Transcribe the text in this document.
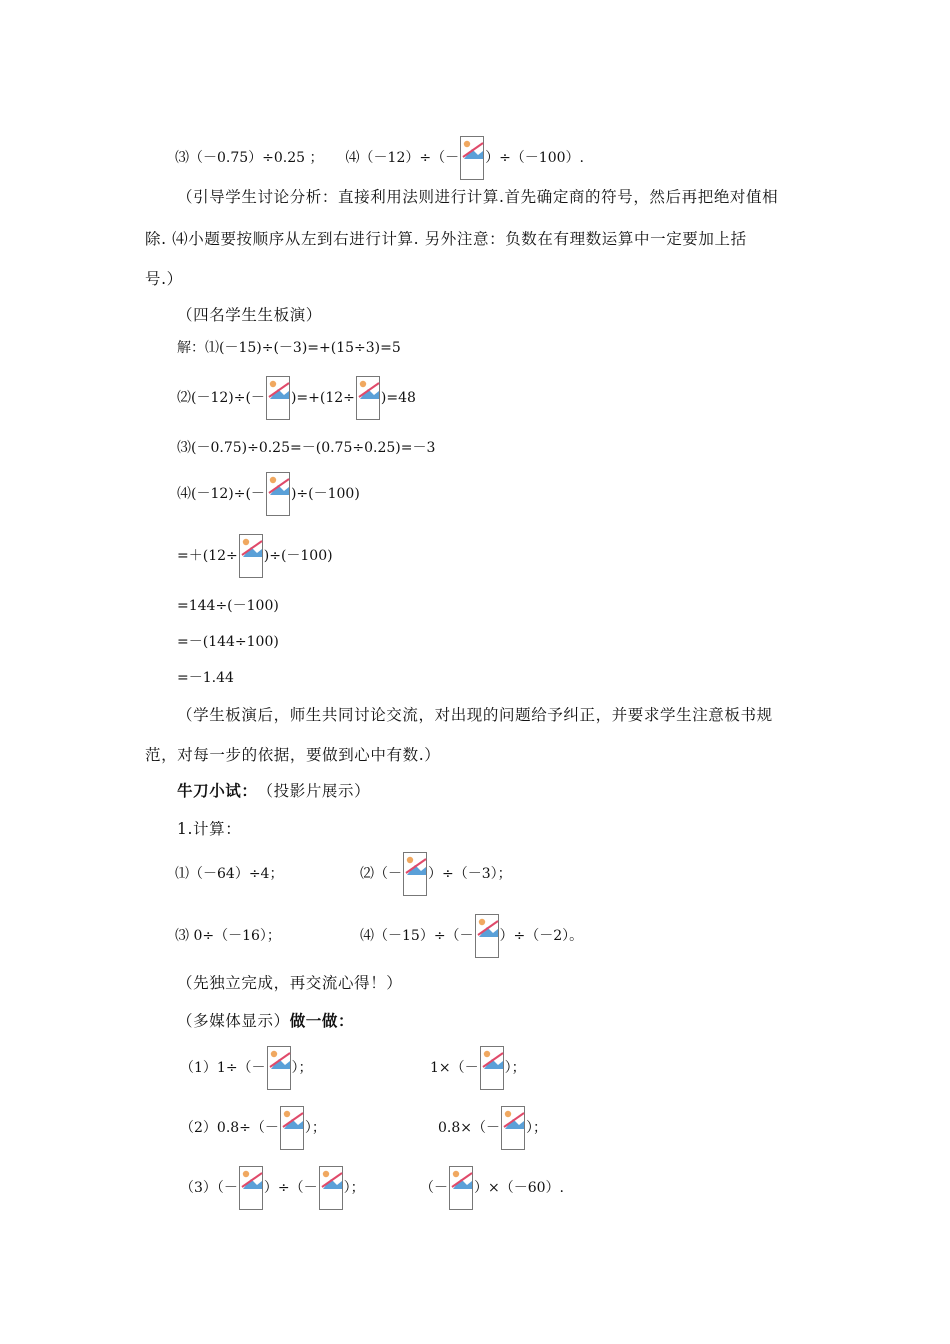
⑶（－0.75）÷0.25 ； ⑷（－12）÷（－ ）÷（－100）.
（引导学生讨论分析：直接利用法则进行计算.首先确定商的符号，然后再把绝对值相
除. ⑷小题要按顺序从左到右进行计算. 另外注意：负数在有理数运算中一定要加上括
号.）
（四名学生生板演）
解：⑴(－15)÷(－3)=+(15÷3)=5
⑵(－12)÷(－ )=+(12÷ )=48
⑶(－0.75)÷0.25=－(0.75÷0.25)=－3
⑷(－12)÷(－ )÷(－100)
=＋(12÷ )÷(－100)
=144÷(－100)
=－(144÷100)
=－1.44
（学生板演后，师生共同讨论交流，对出现的问题给予纠正，并要求学生注意板书规
范，对每一步的依据，要做到心中有数.）
牛刀小试： （投影片展示）
1.计算：
⑴（－64）÷4；	⑵（－ ）÷（－3）；
⑶ 0÷（－16）；	⑷（－15）÷（－ ）÷（－2）。
（先独立完成，再交流心得！）
（多媒体显示） 做一做：
（1）1÷（－ ）；	1×（－ ）；
（2）0.8÷（－ ）；	0.8×（－ ）；
（3）（－ ）÷（－ ）；	（－ ）×（－60）.
